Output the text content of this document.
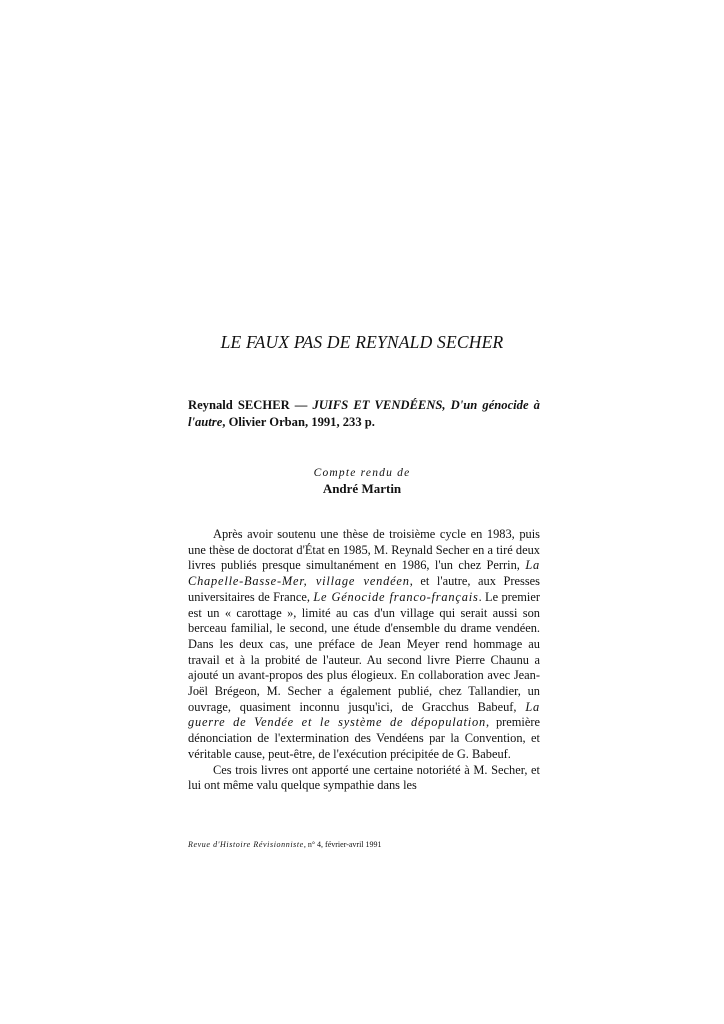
LE FAUX PAS DE REYNALD SECHER
Reynald SECHER — JUIFS ET VENDÉENS, D'un génocide à l'autre, Olivier Orban, 1991, 233 p.
Compte rendu de
André Martin

Après avoir soutenu une thèse de troisième cycle en 1983, puis une thèse de doctorat d'État en 1985, M. Reynald Secher en a tiré deux livres publiés presque simultanément en 1986, l'un chez Perrin, La Chapelle-Basse-Mer, village vendéen, et l'autre, aux Presses universitaires de France, Le Génocide franco-français. Le premier est un « carottage », limité au cas d'un village qui serait aussi son berceau familial, le second, une étude d'ensemble du drame vendéen. Dans les deux cas, une préface de Jean Meyer rend hommage au travail et à la probité de l'auteur. Au second livre Pierre Chaunu a ajouté un avant-propos des plus élogieux. En collaboration avec Jean-Joël Brégeon, M. Secher a également publié, chez Tallandier, un ouvrage, quasiment inconnu jusqu'ici, de Gracchus Babeuf, La guerre de Vendée et le système de dépopulation, première dénonciation de l'extermination des Vendéens par la Convention, et véritable cause, peut-être, de l'exécution précipitée de G. Babeuf.

Ces trois livres ont apporté une certaine notoriété à M. Secher, et lui ont même valu quelque sympathie dans les

Revue d'Histoire Révisionniste, n° 4, février-avril 1991
